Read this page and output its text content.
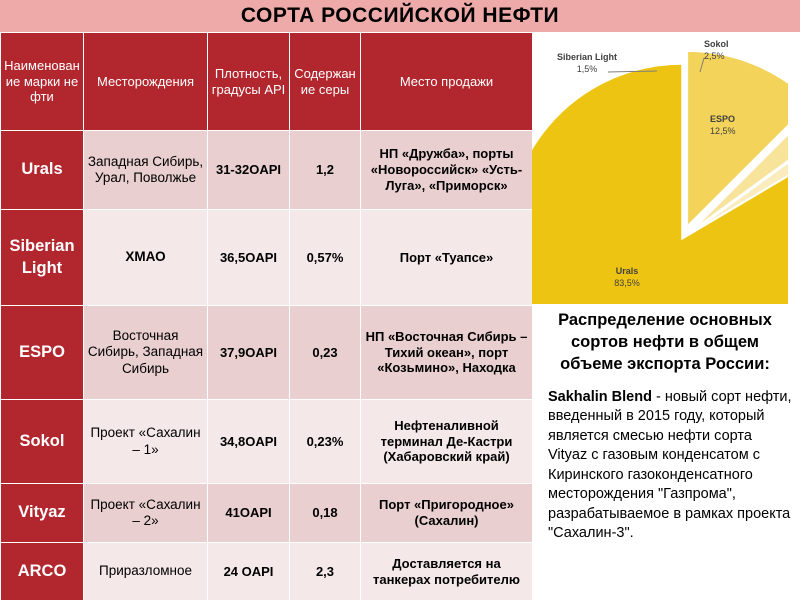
СОРТА РОССИЙСКОЙ НЕФТИ
Наименование марки нефти	Месторождения	Плотность, градусы API	Содержание серы	Место продажи
Urals	Западная Сибирь, Урал, Поволжье	31-32ОAPI	1,2	НП «Дружба», порты «Новороссийск» «Усть-Луга», «Приморск»
Siberian Light	ХМАО	36,5ОAPI	0,57%	Порт «Туапсе»
ESPO	Восточная Сибирь, Западная Сибирь	37,9ОAPI	0,23	НП «Восточная Сибирь – Тихий океан», порт «Козьмино», Находка
Sokol	Проект «Сахалин – 1»	34,8ОAPI	0,23%	Нефтеналивной терминал Де-Кастри (Хабаровский край)
Vityaz	Проект «Сахалин – 2»	41ОAPI	0,18	Порт «Пригородное» (Сахалин)
ARCO	Приразломное	24 ОAPI	2,3	Доставляется на танкерах потребителю
Urals
83,5%
ESPO
12,5%
Sokol
2,5%
Siberian Light
1,5%
Распределение основных сортов нефти в общем объеме экспорта России:
Sakhalin Blend - новый сорт нефти, введенный в 2015 году, который является смесью нефти сорта Vityaz с газовым конденсатом с Киринского газоконденсатного месторождения "Газпрома", разрабатываемое в рамках проекта "Сахалин-3".
